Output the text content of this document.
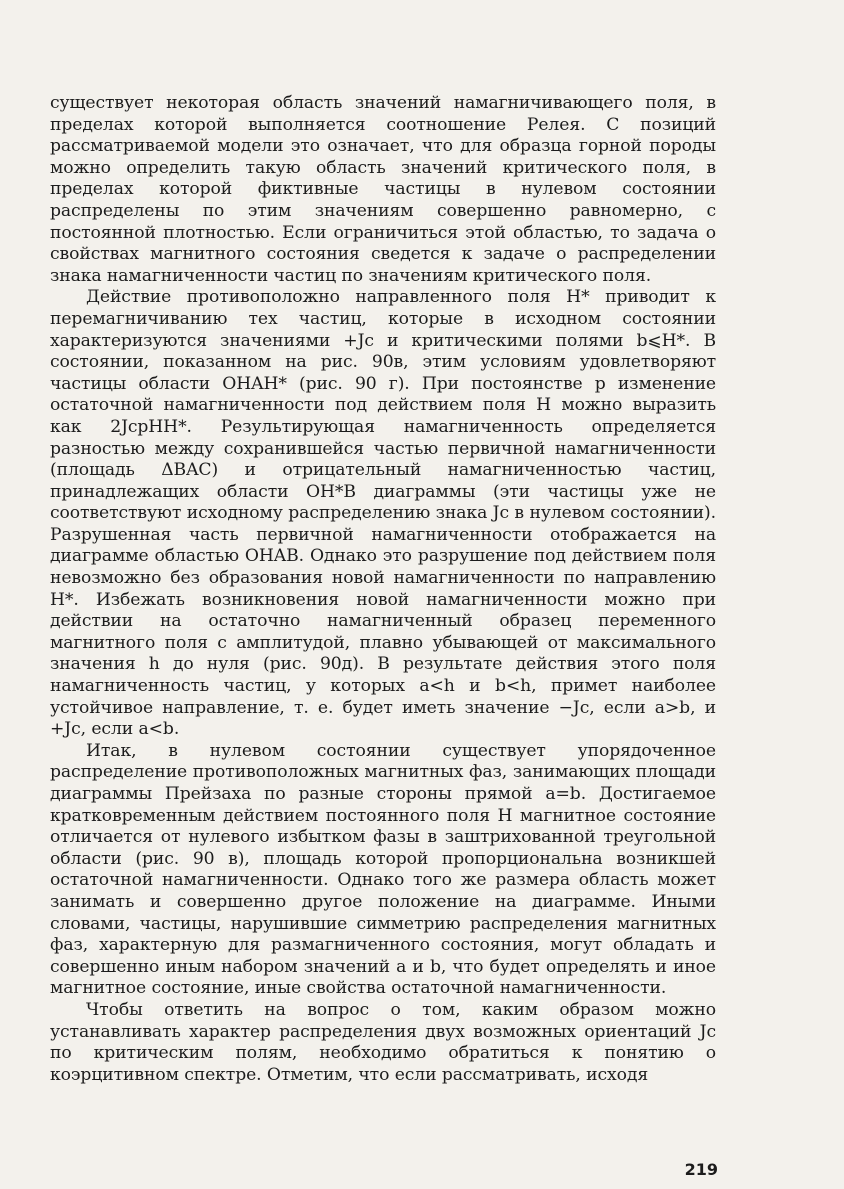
существует некоторая область значений намагничивающего поля, в пределах которой выполняется соотношение Релея. С позиций рассматриваемой модели это означает, что для образца горной породы можно определить такую область значений критического поля, в пределах которой фиктивные частицы в нулевом состоянии распределены по этим значениям совершенно равномерно, с постоянной плотностью. Если ограничиться этой областью, то задача о свойствах магнитного состояния сведется к задаче о распределении знака намагниченности частиц по значениям критического поля.

Действие противоположно направленного поля H* приводит к перемагничиванию тех частиц, которые в исходном состоянии характеризуются значениями +Jc и критическими полями b⩽H*. В состоянии, показанном на рис. 90в, этим условиям удовлетворяют частицы области OHAH* (рис. 90 г). При постоянстве p изменение остаточной намагниченности под действием поля H можно выразить как 2JcpHH*. Результирующая намагниченность определяется разностью между сохранившейся частью первичной намагниченности (площадь ΔBAC) и отрицательный намагниченностью частиц, принадлежащих области OH*B диаграммы (эти частицы уже не соответствуют исходному распределению знака Jc в нулевом состоянии). Разрушенная часть первичной намагниченности отображается на диаграмме областью OHAB. Однако это разрушение под действием поля невозможно без образования новой намагниченности по направлению H*. Избежать возникновения новой намагниченности можно при действии на остаточно намагниченный образец переменного магнитного поля с амплитудой, плавно убывающей от максимального значения h до нуля (рис. 90д). В результате действия этого поля намагниченность частиц, у которых a<h и b<h, примет наиболее устойчивое направление, т. е. будет иметь значение −Jc, если a>b, и +Jc, если a<b.

Итак, в нулевом состоянии существует упорядоченное распределение противоположных магнитных фаз, занимающих площади диаграммы Прейзаха по разные стороны прямой a=b. Достигаемое кратковременным действием постоянного поля H магнитное состояние отличается от нулевого избытком фазы в заштрихованной треугольной области (рис. 90 в), площадь которой пропорциональна возникшей остаточной намагниченности. Однако того же размера область может занимать и совершенно другое положение на диаграмме. Иными словами, частицы, нарушившие симметрию распределения магнитных фаз, характерную для размагниченного состояния, могут обладать и совершенно иным набором значений a и b, что будет определять и иное магнитное состояние, иные свойства остаточной намагниченности.

Чтобы ответить на вопрос о том, каким образом можно устанавливать характер распределения двух возможных ориентаций Jc по критическим полям, необходимо обратиться к понятию о коэрцитивном спектре. Отметим, что если рассматривать, исходя

219
